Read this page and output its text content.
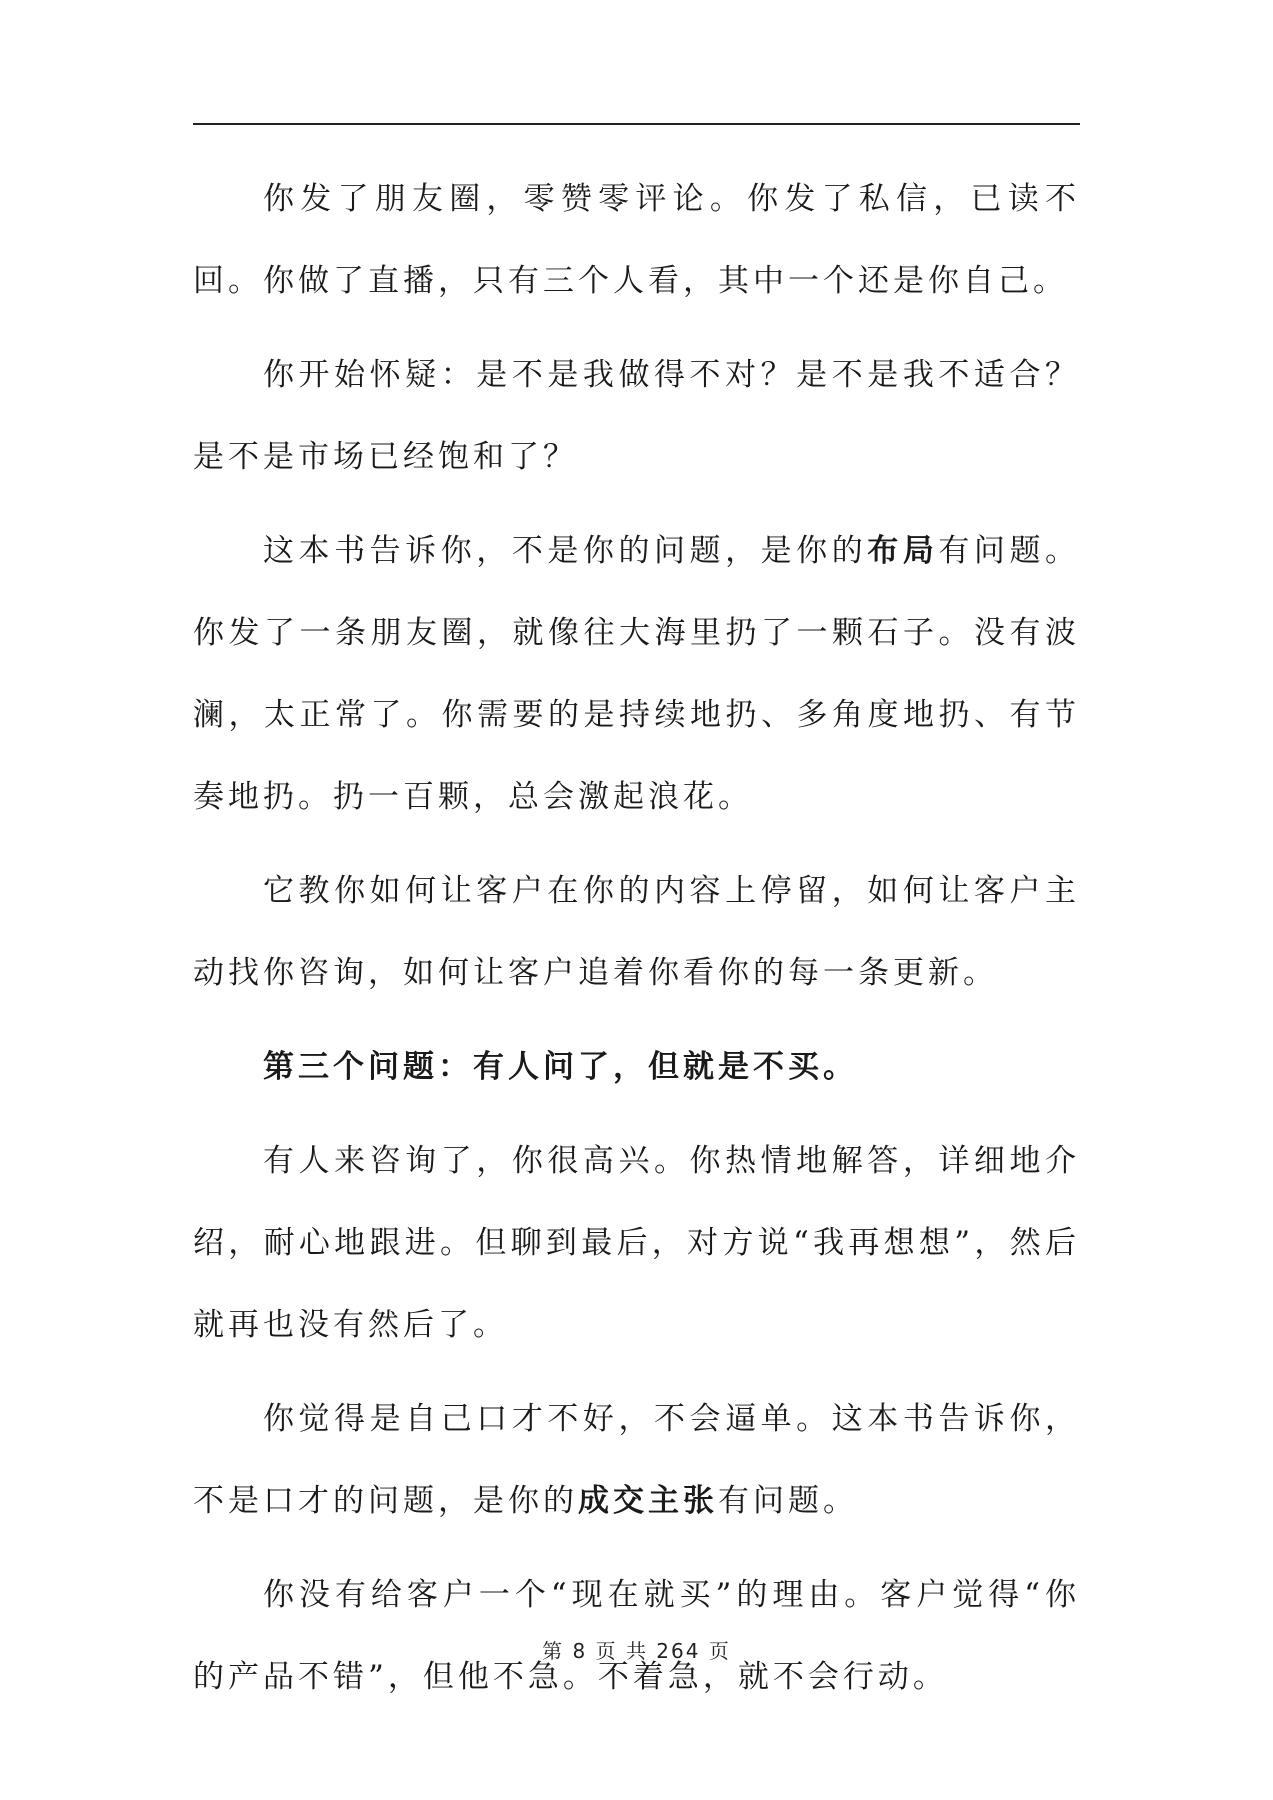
你发了朋友圈，零赞零评论。你发了私信，已读不回。你做了直播，只有三个人看，其中一个还是你自己。

你开始怀疑：是不是我做得不对？是不是我不适合？是不是市场已经饱和了？

这本书告诉你，不是你的问题，是你的布局有问题。你发了一条朋友圈，就像往大海里扔了一颗石子。没有波澜，太正常了。你需要的是持续地扔、多角度地扔、有节奏地扔。扔一百颗，总会激起浪花。

它教你如何让客户在你的内容上停留，如何让客户主动找你咨询，如何让客户追着你看你的每一条更新。

第三个问题：有人问了，但就是不买。

有人来咨询了，你很高兴。你热情地解答，详细地介绍，耐心地跟进。但聊到最后，对方说“我再想想”，然后就再也没有然后了。

你觉得是自己口才不好，不会逼单。这本书告诉你，不是口才的问题，是你的成交主张有问题。

你没有给客户一个“现在就买”的理由。客户觉得“你的产品不错”，但他不急。不着急，就不会行动。

第 8 页 共 264 页
